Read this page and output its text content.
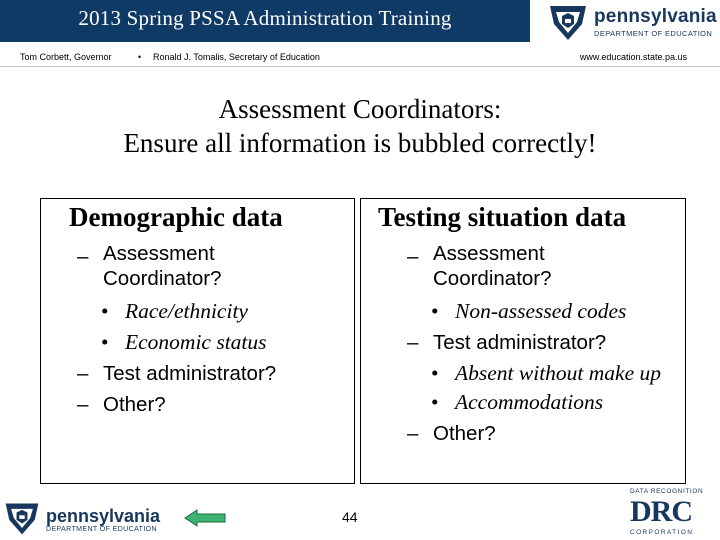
2013 Spring PSSA Administration Training	pennsylvania
DEPARTMENT OF EDUCATION
Tom Corbett, Governor	• Ronald J. Tomalis, Secretary of Education	www.education.state.pa.us
Assessment Coordinators:
Ensure all information is bubbled correctly!
Demographic data
– Assessment Coordinator?
• Race/ethnicity
• Economic status
– Test administrator?
– Other?
Testing situation data
– Assessment Coordinator?
• Non-assessed codes
– Test administrator?
• Absent without make up
• Accommodations
– Other?
pennsylvania
DEPARTMENT OF EDUCATION
44
DATA RECOGNITION
DRC
CORPORATION
